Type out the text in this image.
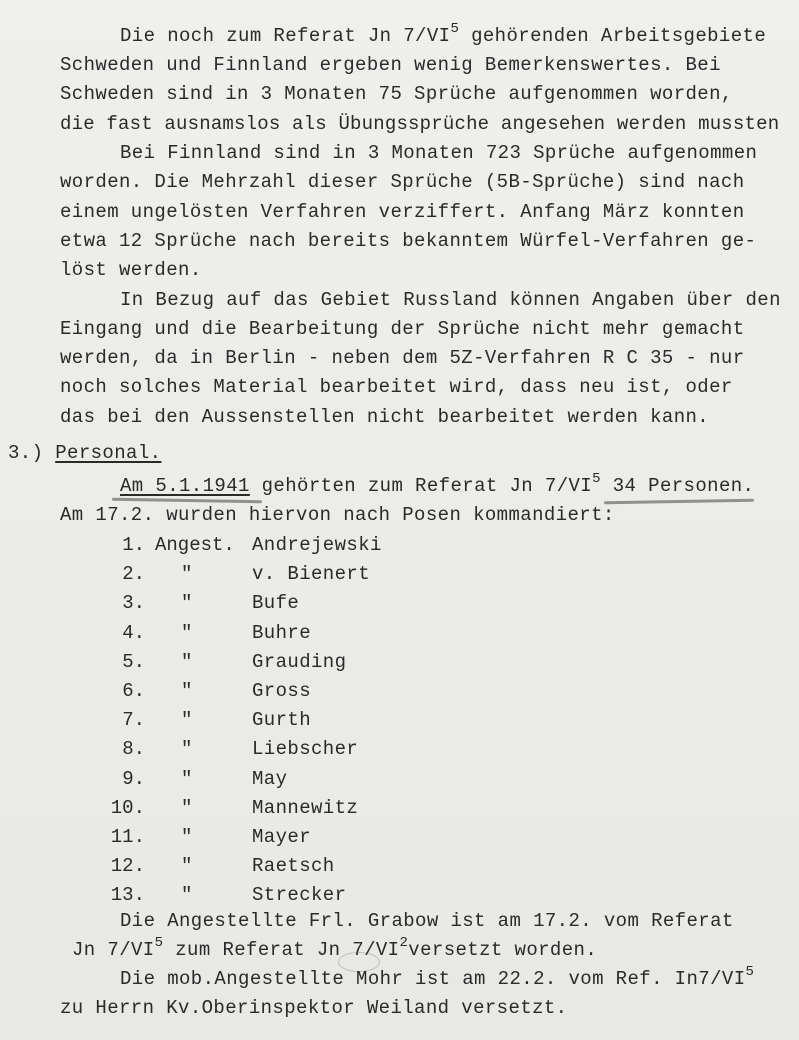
Die noch zum Referat Jn $7/VI^5$ gehörenden Arbeitsgebiete
Schweden und Finnland ergeben wenig Bemerkenswertes. Bei
Schweden sind in 3 Monaten 75 Sprüche aufgenommen worden,
die fast ausnamslos als Übungssprüche angesehen werden mussten
Bei Finnland sind in 3 Monaten 723 Sprüche aufgenommen
worden. Die Mehrzahl dieser Sprüche (5B-Sprüche) sind nach
einem ungelösten Verfahren verziffert. Anfang März konnten
etwa 12 Sprüche nach bereits bekanntem Würfel-Verfahren ge-
löst werden.
In Bezug auf das Gebiet Russland können Angaben über den
Eingang und die Bearbeitung der Sprüche nicht mehr gemacht
werden, da in Berlin - neben dem 5Z-Verfahren R C 35 - nur
noch solches Material bearbeitet wird, dass neu ist, oder
das bei den Aussenstellen nicht bearbeitet werden kann.
3.) Personal.
Am 5.1.1941 gehörten zum Referat Jn $7/VI^5$ 34 Personen.
Am 17.2. wurden hiervon nach Posen kommandiert:
1. Angest. Andrejewski
2. "	v. Bienert
3. "	Bufe
4. "	Buhre
5. "	Grauding
6. "	Gross
7. "	Gurth
8. "	Liebscher
9. "	May
10. "	Mannewitz
11. "	Mayer
12. "	Raetsch
13. "	Strecker
Die Angestellte Frl. Grabow ist am 17.2. vom Referat
Jn $7/VI^5$ zum Referat Jn $7/VI^2versetzt$ worden.
Die mob.Angestellte Mohr ist am 22.2. vom Ref. $In7/VI^5$
zu Herrn Kv.Oberinspektor Weiland versetzt.
